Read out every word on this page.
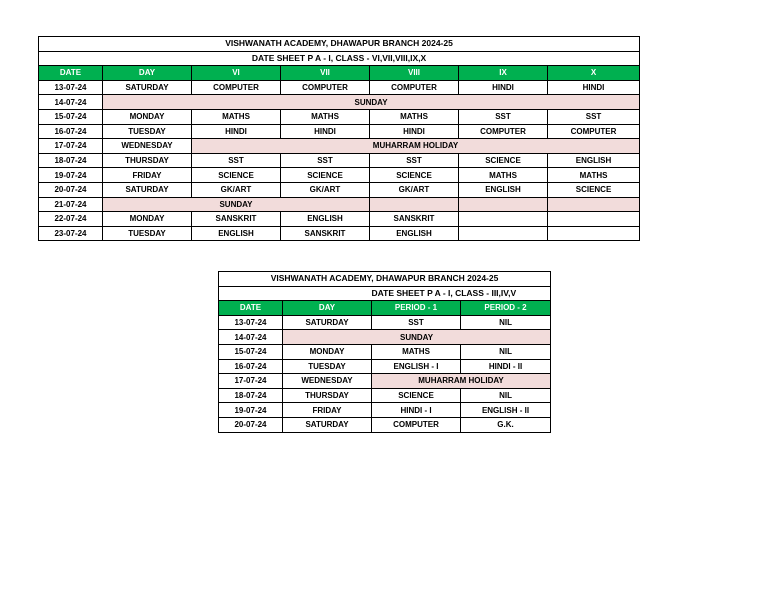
VISHWANATH ACADEMY, DHAWAPUR BRANCH 2024-25						
DATE SHEET P A - I, CLASS - VI,VII,VIII,IX,X						
DATE	DAY	VI	VII	VIII	IX	X
13-07-24	SATURDAY	COMPUTER	COMPUTER	COMPUTER	HINDI	HINDI
14-07-24	SUNDAY					
15-07-24	MONDAY	MATHS	MATHS	MATHS	SST	SST
16-07-24	TUESDAY	HINDI	HINDI	HINDI	COMPUTER	COMPUTER
17-07-24	WEDNESDAY	MUHARRAM HOLIDAY				
18-07-24	THURSDAY	SST	SST	SST	SCIENCE	ENGLISH
19-07-24	FRIDAY	SCIENCE	SCIENCE	SCIENCE	MATHS	MATHS
20-07-24	SATURDAY	GK/ART	GK/ART	GK/ART	ENGLISH	SCIENCE
21-07-24	SUNDAY					
22-07-24	MONDAY	SANSKRIT	ENGLISH	SANSKRIT		
23-07-24	TUESDAY	ENGLISH	SANSKRIT	ENGLISH		
VISHWANATH ACADEMY, DHAWAPUR BRANCH 2024-25			
		DATE SHEET P A - I, CLASS - III,IV,V	
DATE	DAY	PERIOD - 1	PERIOD - 2
13-07-24	SATURDAY	SST	NIL
14-07-24	SUNDAY		
15-07-24	MONDAY	MATHS	NIL
16-07-24	TUESDAY	ENGLISH - I	HINDI - II
17-07-24	WEDNESDAY	MUHARRAM HOLIDAY	
18-07-24	THURSDAY	SCIENCE	NIL
19-07-24	FRIDAY	HINDI - I	ENGLISH - II
20-07-24	SATURDAY	COMPUTER	G.K.
